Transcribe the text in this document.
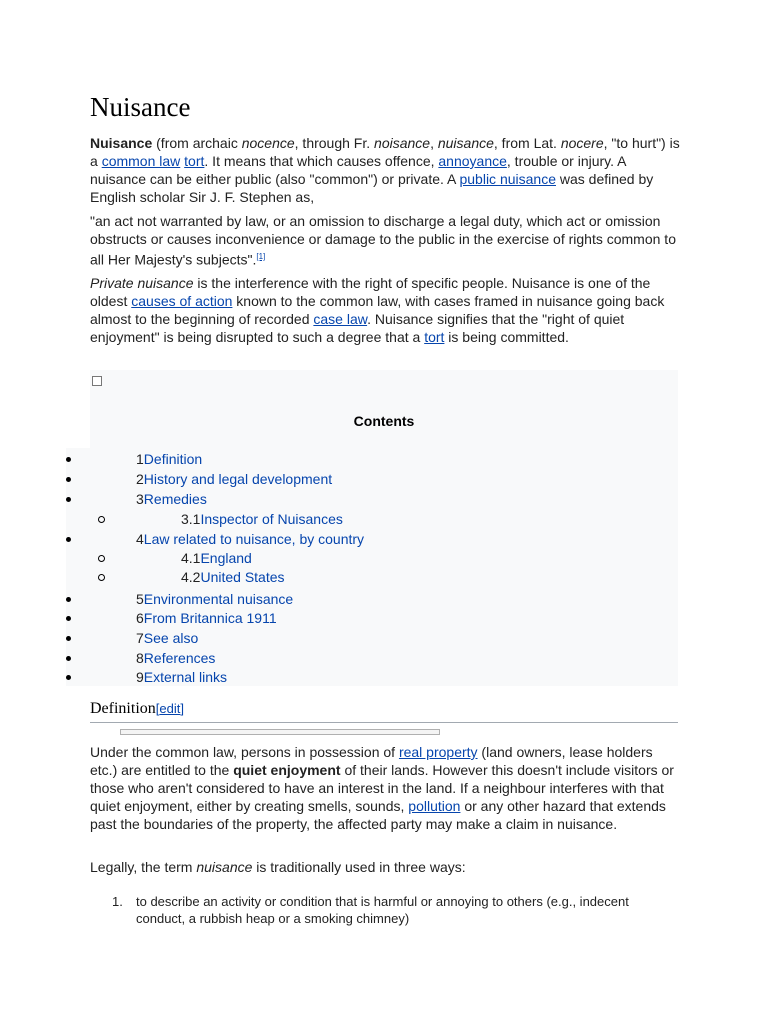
Nuisance

Nuisance (from archaic nocence, through Fr. noisance, nuisance, from Lat. nocere, "to hurt") is a common law tort. It means that which causes offence, annoyance, trouble or injury. A nuisance can be either public (also "common") or private. A public nuisance was defined by English scholar Sir J. F. Stephen as,

"an act not warranted by law, or an omission to discharge a legal duty, which act or omission obstructs or causes inconvenience or damage to the public in the exercise of rights common to all Her Majesty's subjects".[1]

Private nuisance is the interference with the right of specific people. Nuisance is one of the oldest causes of action known to the common law, with cases framed in nuisance going back almost to the beginning of recorded case law. Nuisance signifies that the "right of quiet enjoyment" is being disrupted to such a degree that a tort is being committed.

Contents
1Definition
2History and legal development
3Remedies
3.1Inspector of Nuisances
4Law related to nuisance, by country
4.1England
4.2United States
5Environmental nuisance
6From Britannica 1911
7See also
8References
9External links
Definition[edit]

Under the common law, persons in possession of real property (land owners, lease holders etc.) are entitled to the quiet enjoyment of their lands. However this doesn't include visitors or those who aren't considered to have an interest in the land. If a neighbour interferes with that quiet enjoyment, either by creating smells, sounds, pollution or any other hazard that extends past the boundaries of the property, the affected party may make a claim in nuisance.

Legally, the term nuisance is traditionally used in three ways:

1. to describe an activity or condition that is harmful or annoying to others (e.g., indecent conduct, a rubbish heap or a smoking chimney)
